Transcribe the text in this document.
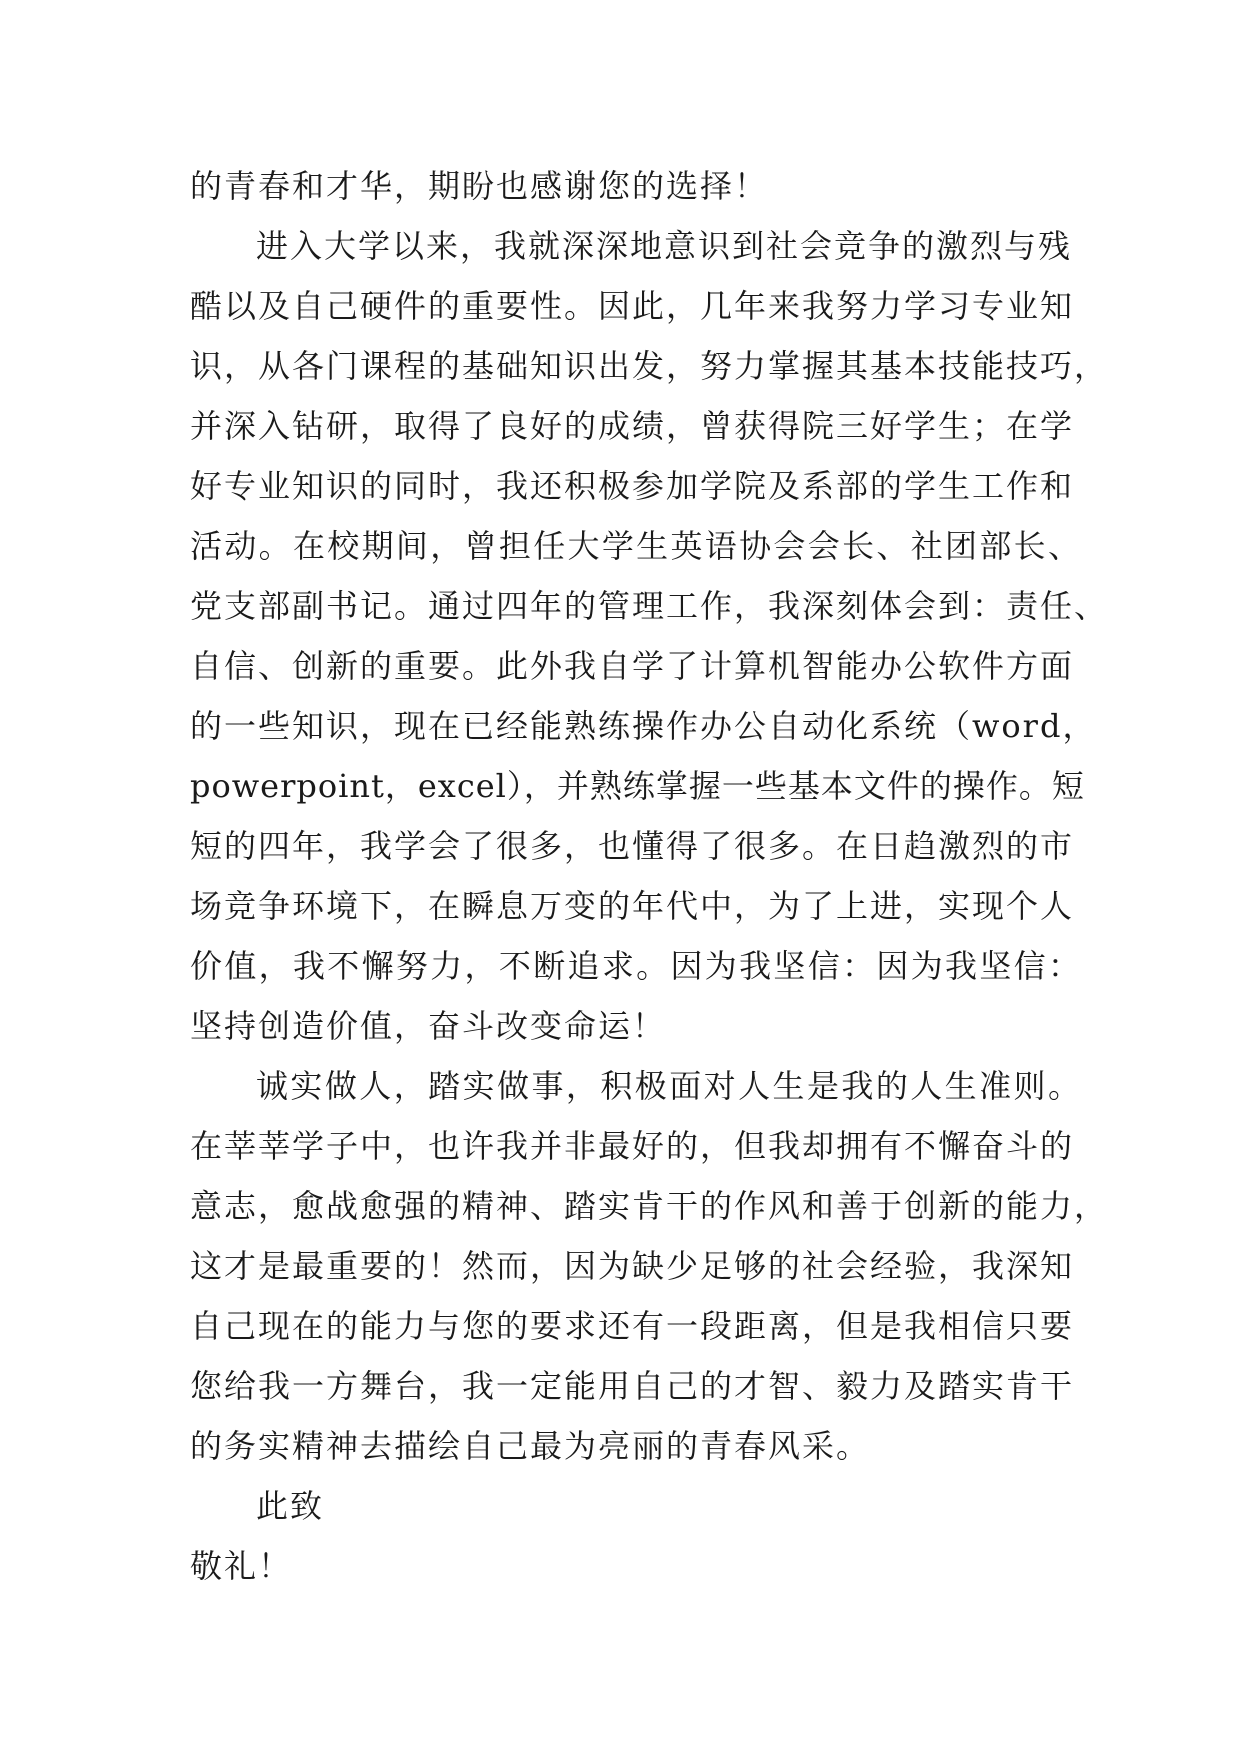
的青春和才华，期盼也感谢您的选择！
进入大学以来，我就深深地意识到社会竞争的激烈与残
酷以及自己硬件的重要性。因此，几年来我努力学习专业知
识，从各门课程的基础知识出发，努力掌握其基本技能技巧，
并深入钻研，取得了良好的成绩，曾获得院三好学生；在学
好专业知识的同时，我还积极参加学院及系部的学生工作和
活动。在校期间，曾担任大学生英语协会会长、社团部长、
党支部副书记。通过四年的管理工作，我深刻体会到：责任、
自信、创新的重要。此外我自学了计算机智能办公软件方面
的一些知识，现在已经能熟练操作办公自动化系统（word，
powerpoint，excel），并熟练掌握一些基本文件的操作。短
短的四年，我学会了很多，也懂得了很多。在日趋激烈的市
场竞争环境下，在瞬息万变的年代中，为了上进，实现个人
价值，我不懈努力，不断追求。因为我坚信：因为我坚信：
坚持创造价值，奋斗改变命运！
诚实做人，踏实做事，积极面对人生是我的人生准则。
在莘莘学子中，也许我并非最好的，但我却拥有不懈奋斗的
意志，愈战愈强的精神、踏实肯干的作风和善于创新的能力，
这才是最重要的！然而，因为缺少足够的社会经验，我深知
自己现在的能力与您的要求还有一段距离，但是我相信只要
您给我一方舞台，我一定能用自己的才智、毅力及踏实肯干
的务实精神去描绘自己最为亮丽的青春风采。
此致
敬礼！
